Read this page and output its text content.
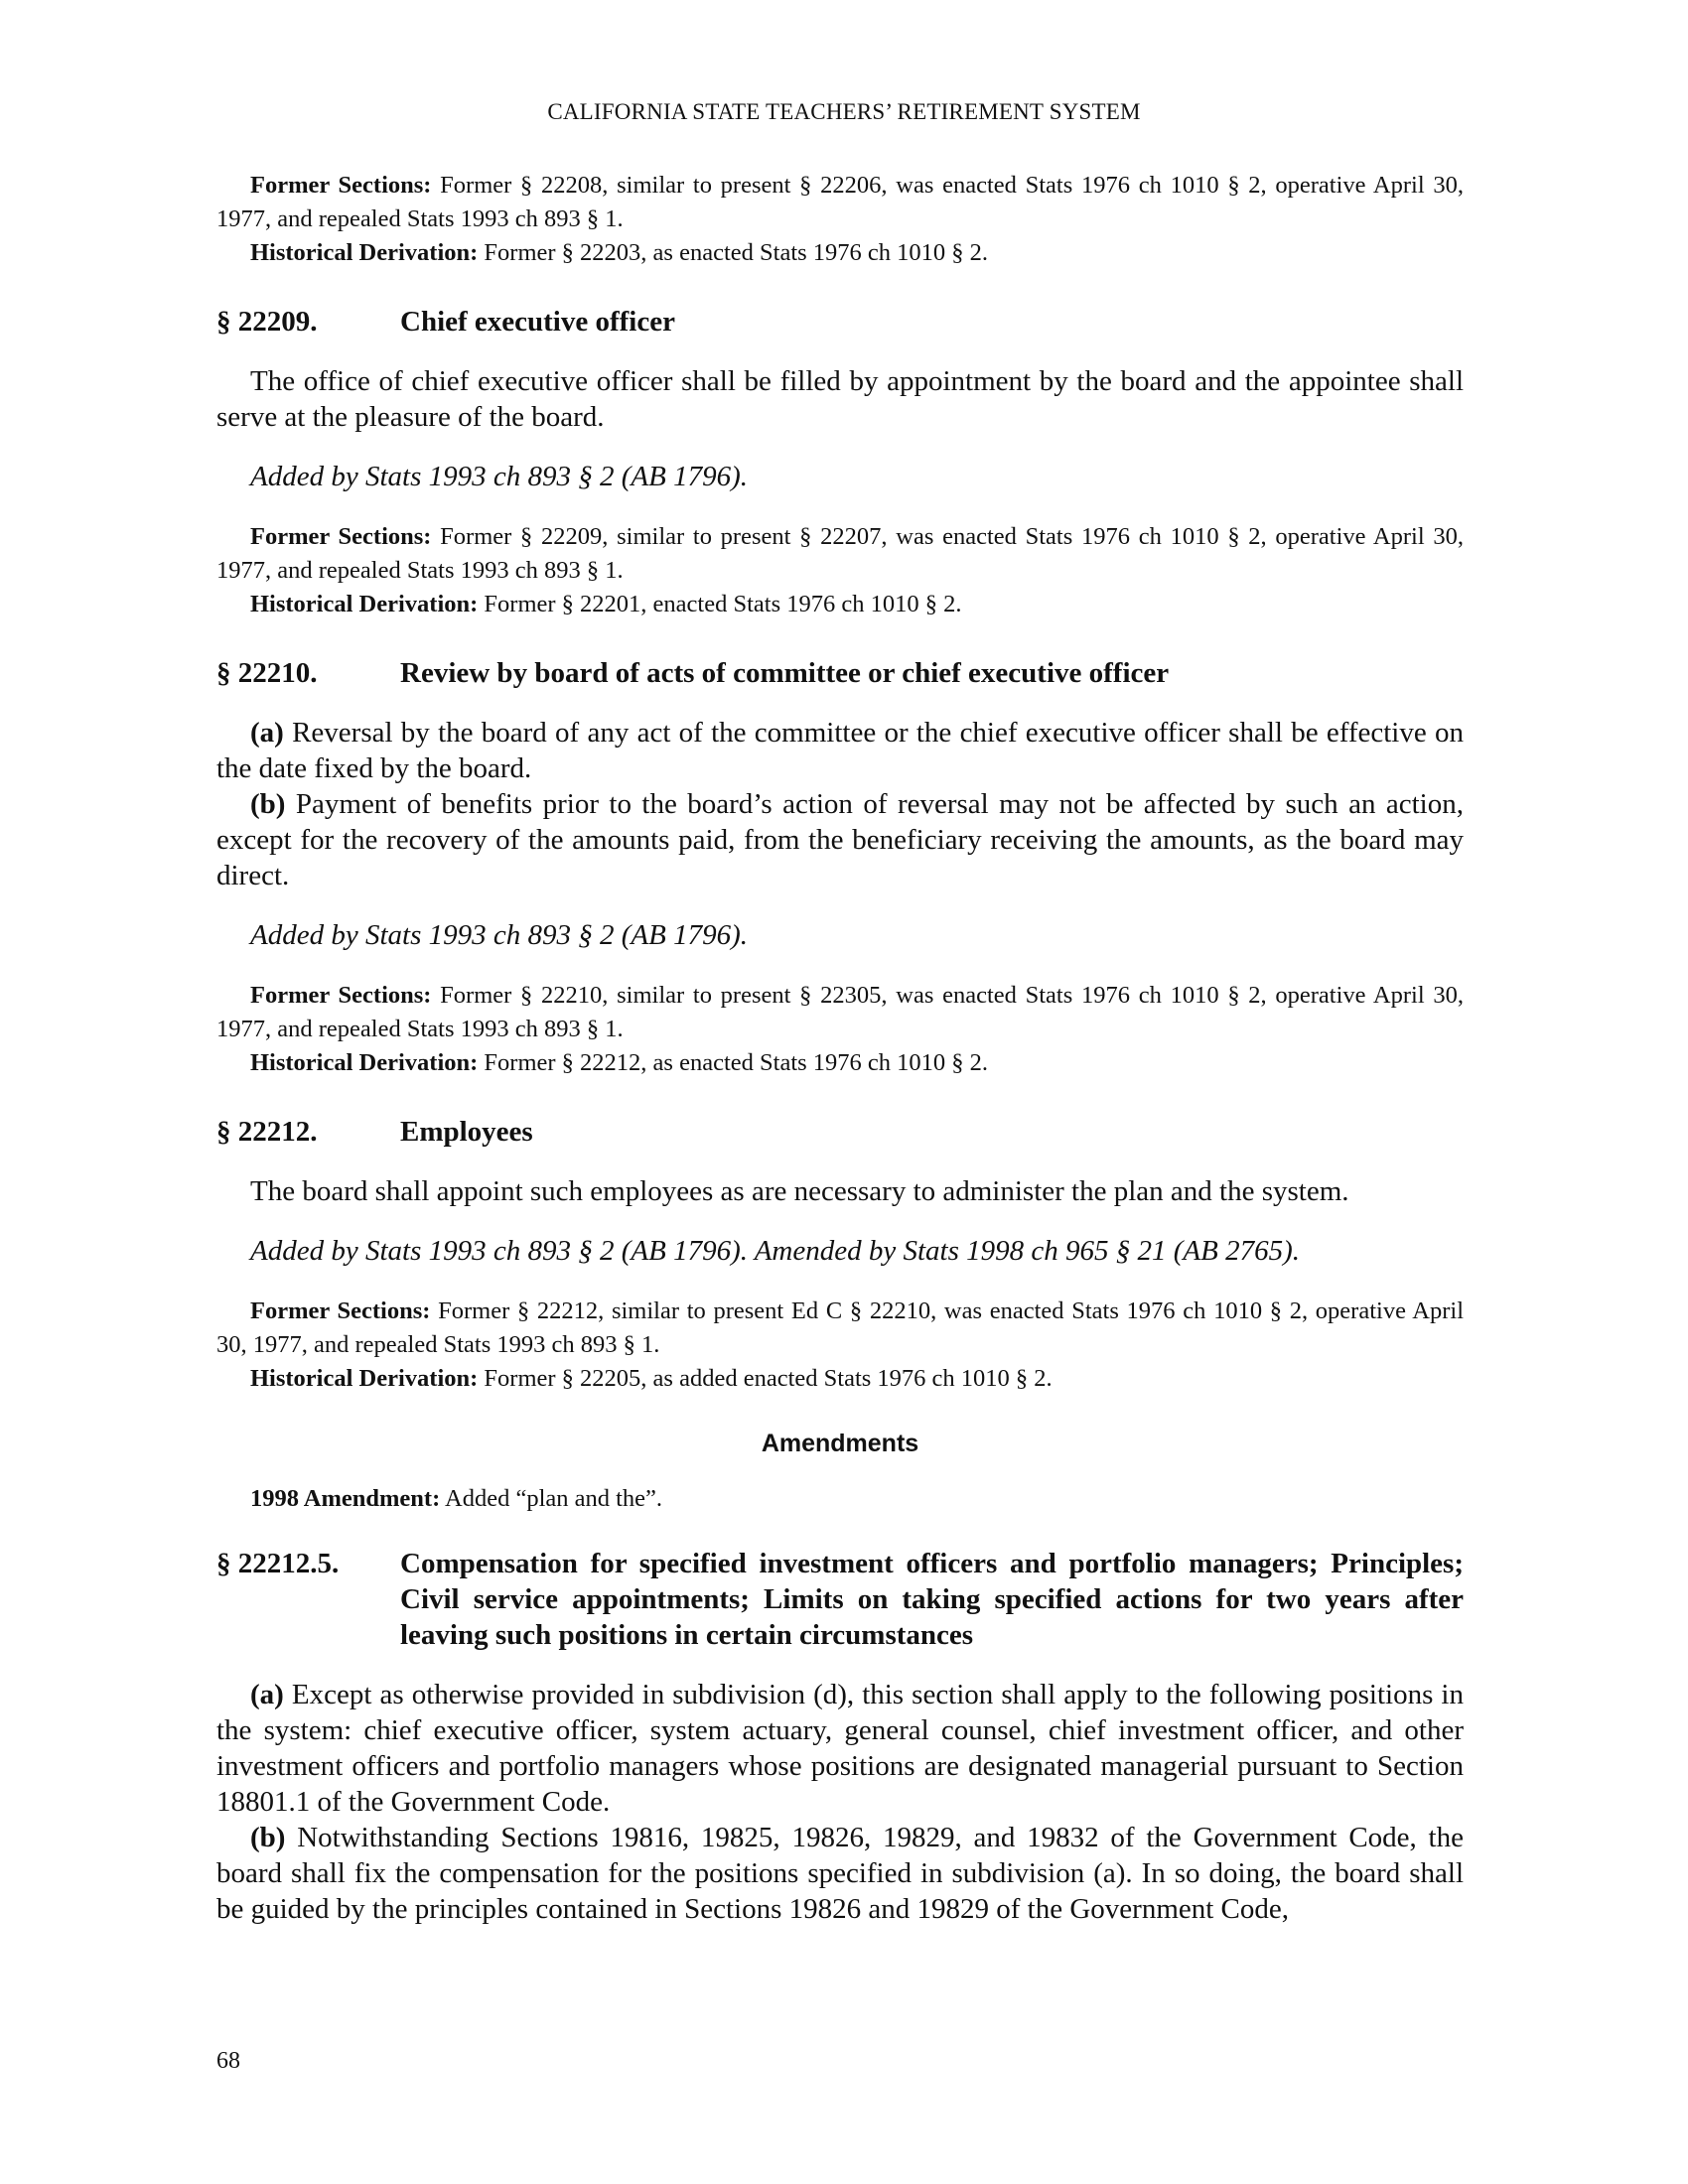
CALIFORNIA STATE TEACHERS’ RETIREMENT SYSTEM

Former Sections: Former § 22208, similar to present § 22206, was enacted Stats 1976 ch 1010 § 2, operative April 30, 1977, and repealed Stats 1993 ch 893 § 1.

Historical Derivation: Former § 22203, as enacted Stats 1976 ch 1010 § 2.

§ 22209.	Chief executive officer

The office of chief executive officer shall be filled by appointment by the board and the appointee shall serve at the pleasure of the board.

Added by Stats 1993 ch 893 § 2 (AB 1796).

Former Sections: Former § 22209, similar to present § 22207, was enacted Stats 1976 ch 1010 § 2, operative April 30, 1977, and repealed Stats 1993 ch 893 § 1.

Historical Derivation: Former § 22201, enacted Stats 1976 ch 1010 § 2.

§ 22210.	Review by board of acts of committee or chief executive officer

(a) Reversal by the board of any act of the committee or the chief executive officer shall be effective on the date fixed by the board.

(b) Payment of benefits prior to the board’s action of reversal may not be affected by such an action, except for the recovery of the amounts paid, from the beneficiary receiving the amounts, as the board may direct.

Added by Stats 1993 ch 893 § 2 (AB 1796).

Former Sections: Former § 22210, similar to present § 22305, was enacted Stats 1976 ch 1010 § 2, operative April 30, 1977, and repealed Stats 1993 ch 893 § 1.

Historical Derivation: Former § 22212, as enacted Stats 1976 ch 1010 § 2.

§ 22212.	Employees

The board shall appoint such employees as are necessary to administer the plan and the system.

Added by Stats 1993 ch 893 § 2 (AB 1796). Amended by Stats 1998 ch 965 § 21 (AB 2765).

Former Sections: Former § 22212, similar to present Ed C § 22210, was enacted Stats 1976 ch 1010 § 2, operative April 30, 1977, and repealed Stats 1993 ch 893 § 1.

Historical Derivation: Former § 22205, as added enacted Stats 1976 ch 1010 § 2.

Amendments

1998 Amendment: Added “plan and the”.

§ 22212.5.	Compensation for specified investment officers and portfolio managers; Principles; Civil service appointments; Limits on taking specified actions for two years after leaving such positions in certain circumstances

(a) Except as otherwise provided in subdivision (d), this section shall apply to the following positions in the system: chief executive officer, system actuary, general counsel, chief investment officer, and other investment officers and portfolio managers whose positions are designated managerial pursuant to Section 18801.1 of the Government Code.

(b) Notwithstanding Sections 19816, 19825, 19826, 19829, and 19832 of the Government Code, the board shall fix the compensation for the positions specified in subdivision (a). In so doing, the board shall be guided by the principles contained in Sections 19826 and 19829 of the Government Code,

68
